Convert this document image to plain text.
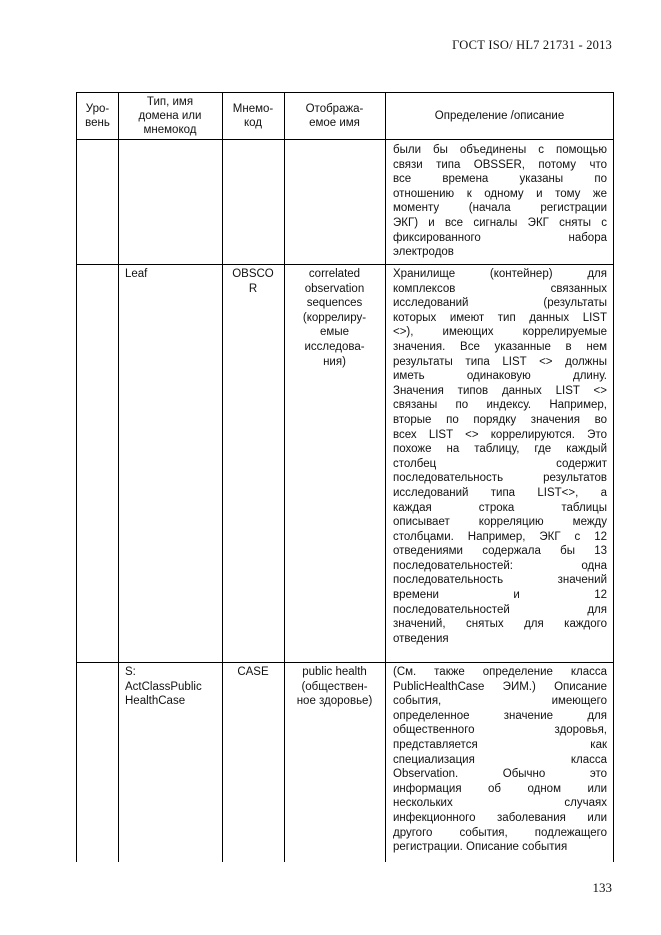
ГОСТ ISO/ HL7 21731 - 2013
Уро-
вень
Тип, имя
домена или
мнемокод
Мнемо-
код
Отобража-
емое имя
Определение /описание
были бы объединены с помощью
связи типа OBSSER, потому что
все времена указаны по
отношению к одному и тому же
моменту (начала регистрации
ЭКГ) и все сигналы ЭКГ сняты с
фиксированного набора
электродов
Leaf	OBSCO
R
correlated
observation
sequences
(коррелиру-
емые
исследова-
ния)
Хранилище (контейнер) для
комплексов связанных
исследований (результаты
которых имеют тип данных LIST
<>), имеющих коррелируемые
значения. Все указанные в нем
результаты типа LIST <> должны
иметь одинаковую длину.
Значения типов данных LIST <>
связаны по индексу. Например,
вторые по порядку значения во
всех LIST <> коррелируются. Это
похоже на таблицу, где каждый
столбец содержит
последовательность результатов
исследований типа LIST<>, а
каждая строка таблицы
описывает корреляцию между
столбцами. Например, ЭКГ с 12
отведениями содержала бы 13
последовательностей: одна
последовательность значений
времени и 12
последовательностей для
значений, снятых для каждого
отведения
S:
ActClassPublic
HealthCase
CASE	public health
(обществен-
ное здоровье)
(См. также определение класса
PublicHealthCase ЭИМ.) Описание
события, имеющего
определенное значение для
общественного здоровья,
представляется как
специализация класса
Observation. Обычно это
информация об одном или
нескольких случаях
инфекционного заболевания или
другого события, подлежащего
регистрации. Описание события
133
